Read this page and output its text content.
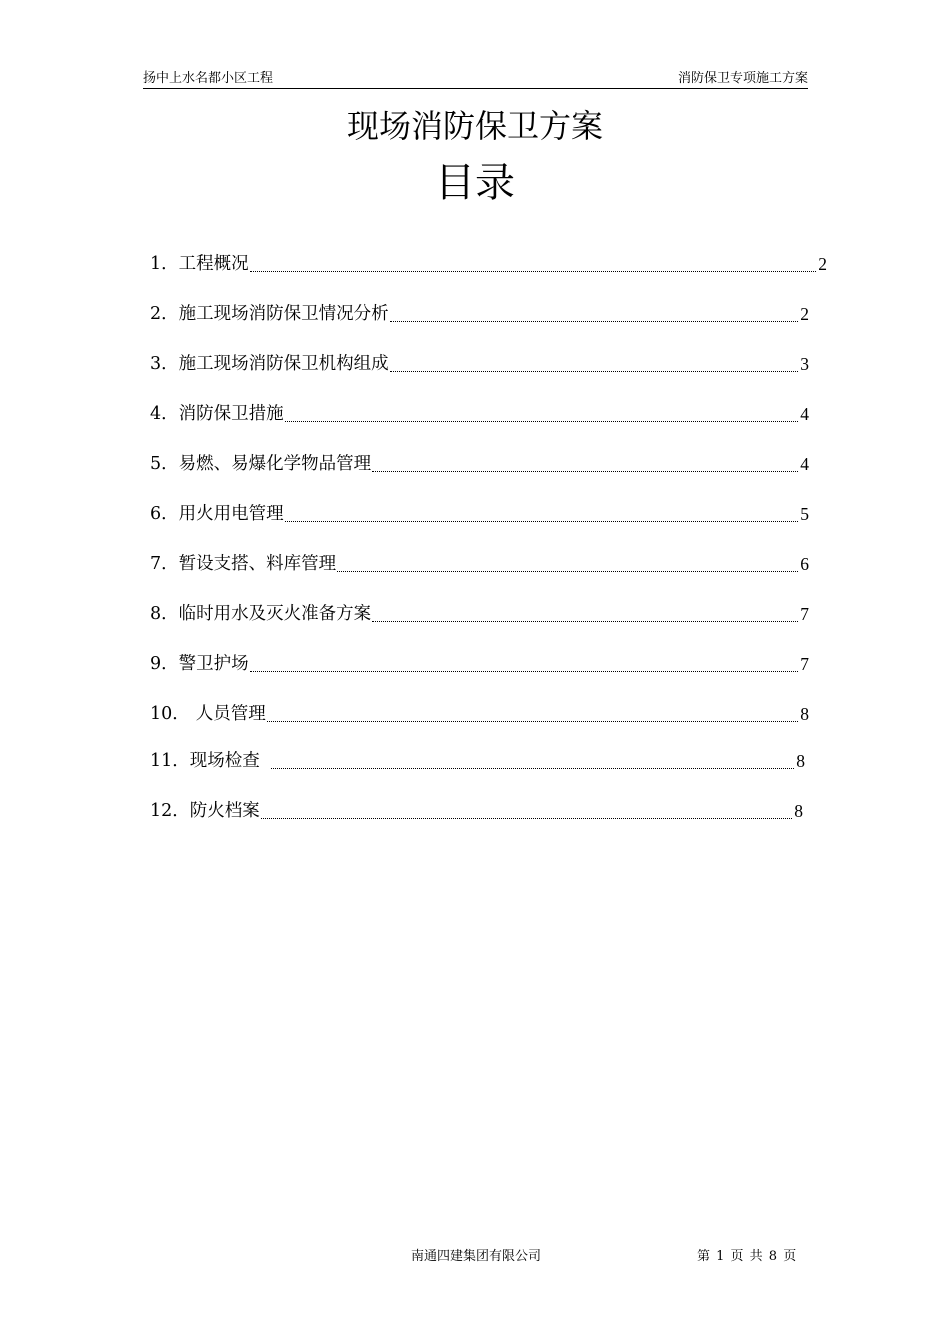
扬中上水名都小区工程	消防保卫专项施工方案
现场消防保卫方案
目录
1． 工程概况	2
2． 施工现场消防保卫情况分析	2
3． 施工现场消防保卫机构组成	3
4． 消防保卫措施	4
5． 易燃、易爆化学物品管理	4
6． 用火用电管理	5
7． 暂设支搭、料库管理	6
8． 临时用水及灭火准备方案	7
9． 警卫护场	7
10． 人员管理	8
11． 现场检查	8
12． 防火档案	8
南通四建集团有限公司	第 1 页 共 8 页
